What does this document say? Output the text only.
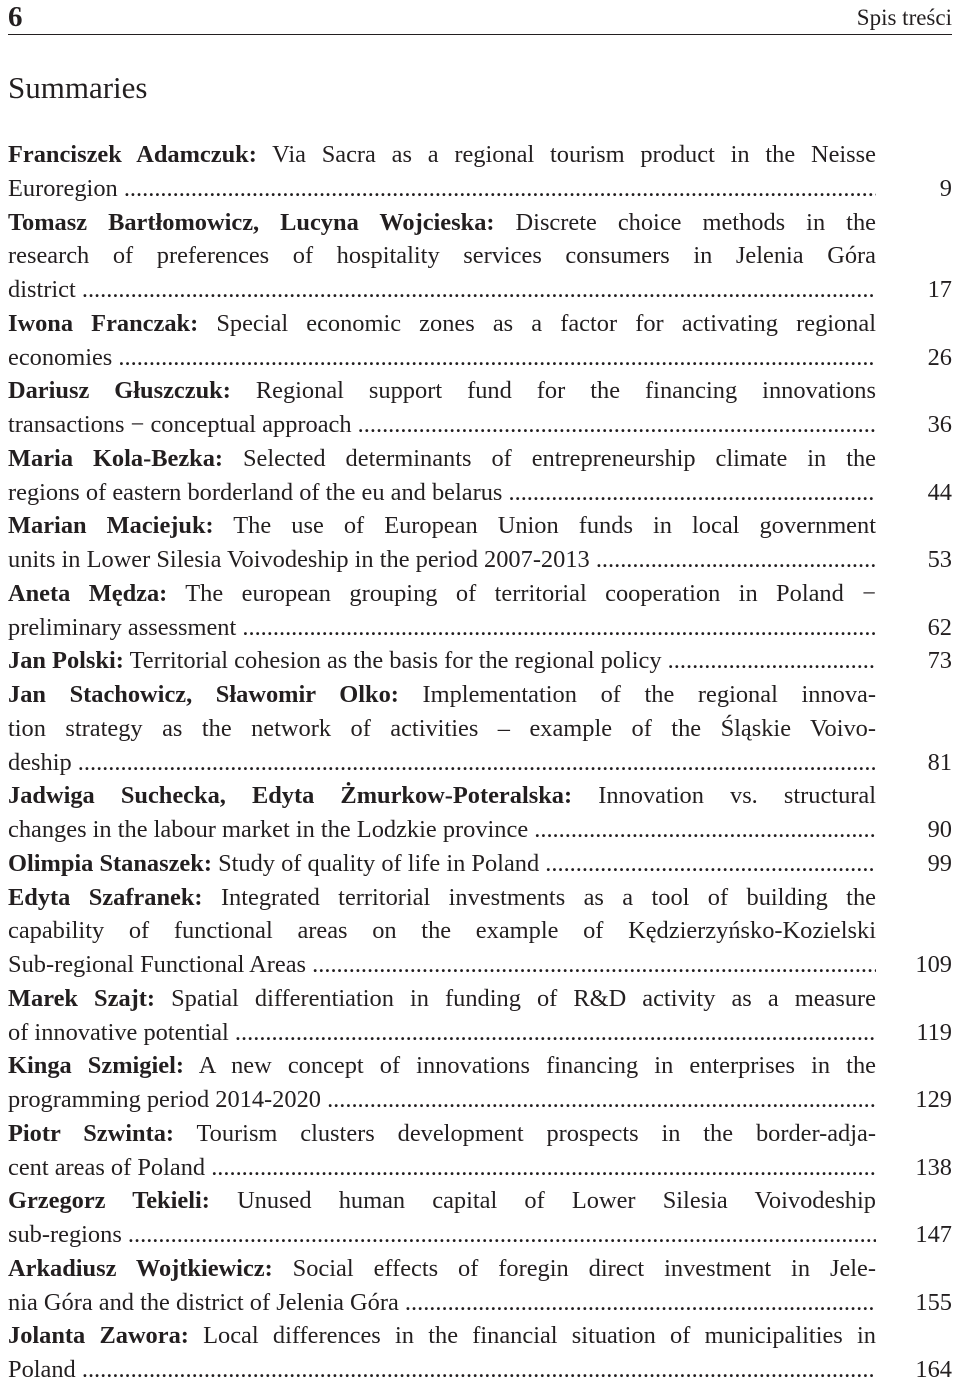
6	Spis treści
Summaries
Franciszek Adamczuk: Via Sacra as a regional tourism product in the Neisse
Euroregion .....	9
Tomasz Bartłomowicz, Lucyna Wojcieska: Discrete choice methods in the
research of preferences of hospitality services consumers in Jelenia Góra
district .....	17
Iwona Franczak: Special economic zones as a factor for activating regional
economies .....	26
Dariusz Głuszczuk: Regional support fund for the financing innovations
transactions − conceptual approach .....	36
Maria Kola-Bezka: Selected determinants of entrepreneurship climate in the
regions of eastern borderland of the eu and belarus .....	44
Marian Maciejuk: The use of European Union funds in local government
units in Lower Silesia Voivodeship in the period 2007-2013 .....	53
Aneta Mędza: The european grouping of territorial cooperation in Poland −
preliminary assessment .....	62
Jan Polski: Territorial cohesion as the basis for the regional policy .....	73
Jan Stachowicz, Sławomir Olko: Implementation of the regional innova-
tion strategy as the network of activities – example of the Śląskie Voivo-
deship .....	81
Jadwiga Suchecka, Edyta Żmurkow-Poteralska: Innovation vs. structural
changes in the labour market in the Lodzkie province .....	90
Olimpia Stanaszek: Study of quality of life in Poland .....	99
Edyta Szafranek: Integrated territorial investments as a tool of building the
capability of functional areas on the example of Kędzierzyńsko-Kozielski
Sub-regional Functional Areas .....	109
Marek Szajt: Spatial differentiation in funding of R&D activity as a measure
of innovative potential .....	119
Kinga Szmigiel: A new concept of innovations financing in enterprises in the
programming period 2014-2020 .....	129
Piotr Szwinta: Tourism clusters development prospects in the border-adja-
cent areas of Poland .....	138
Grzegorz Tekieli: Unused human capital of Lower Silesia Voivodeship
sub-regions .....	147
Arkadiusz Wojtkiewicz: Social effects of foregin direct investment in Jele-
nia Góra and the district of Jelenia Góra .....	155
Jolanta Zawora: Local differences in the financial situation of municipalities in
Poland .....	164
